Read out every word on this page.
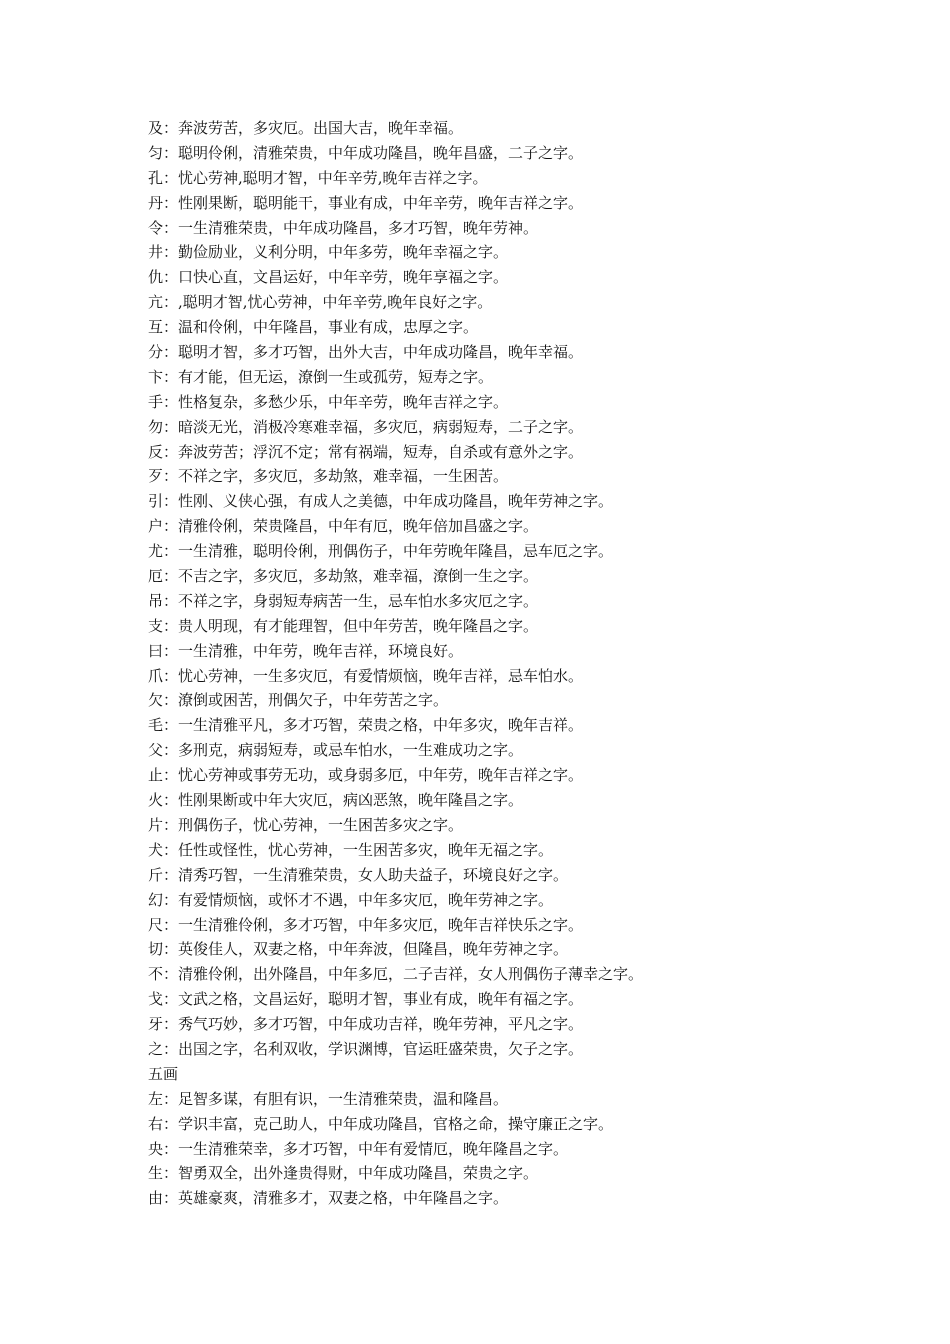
及：奔波劳苦，多灾厄。出国大吉，晚年幸福。
匀：聪明伶俐，清雅荣贵，中年成功隆昌，晚年昌盛，二子之字。
孔：忧心劳神,聪明才智，中年辛劳,晚年吉祥之字。
丹：性刚果断，聪明能干，事业有成，中年辛劳，晚年吉祥之字。
令：一生清雅荣贵，中年成功隆昌，多才巧智，晚年劳神。
井：勤俭励业，义利分明，中年多劳，晚年幸福之字。
仇：口快心直，文昌运好，中年辛劳，晚年享福之字。
亢：,聪明才智,忧心劳神，中年辛劳,晚年良好之字。
互：温和伶俐，中年隆昌，事业有成，忠厚之字。
分：聪明才智，多才巧智，出外大吉，中年成功隆昌，晚年幸福。
卞：有才能，但无运，潦倒一生或孤劳，短寿之字。
手：性格复杂，多愁少乐，中年辛劳，晚年吉祥之字。
勿：暗淡无光，消极冷寒难幸福，多灾厄，病弱短寿，二子之字。
反：奔波劳苦；浮沉不定；常有祸端，短寿，自杀或有意外之字。
歹：不祥之字，多灾厄，多劫煞，难幸福，一生困苦。
引：性刚、义侠心强，有成人之美德，中年成功隆昌，晚年劳神之字。
户：清雅伶俐，荣贵隆昌，中年有厄，晚年倍加昌盛之字。
尤：一生清雅，聪明伶俐，刑偶伤子，中年劳晚年隆昌，忌车厄之字。
厄：不吉之字，多灾厄，多劫煞，难幸福，潦倒一生之字。
吊：不祥之字，身弱短寿病苦一生，忌车怕水多灾厄之字。
支：贵人明现，有才能理智，但中年劳苦，晚年隆昌之字。
曰：一生清雅，中年劳，晚年吉祥，环境良好。
爪：忧心劳神，一生多灾厄，有爱情烦恼，晚年吉祥，忌车怕水。
欠：潦倒或困苦，刑偶欠子，中年劳苦之字。
毛：一生清雅平凡，多才巧智，荣贵之格，中年多灾，晚年吉祥。
父：多刑克，病弱短寿，或忌车怕水，一生难成功之字。
止：忧心劳神或事劳无功，或身弱多厄，中年劳，晚年吉祥之字。
火：性刚果断或中年大灾厄，病凶恶煞，晚年隆昌之字。
片：刑偶伤子，忧心劳神，一生困苦多灾之字。
犬：任性或怪性，忧心劳神，一生困苦多灾，晚年无福之字。
斤：清秀巧智，一生清雅荣贵，女人助夫益子，环境良好之字。
幻：有爱情烦恼，或怀才不遇，中年多灾厄，晚年劳神之字。
尺：一生清雅伶俐，多才巧智，中年多灾厄，晚年吉祥快乐之字。
切：英俊佳人，双妻之格，中年奔波，但隆昌，晚年劳神之字。
不：清雅伶俐，出外隆昌，中年多厄，二子吉祥，女人刑偶伤子薄幸之字。
戈：文武之格，文昌运好，聪明才智，事业有成，晚年有福之字。
牙：秀气巧妙，多才巧智，中年成功吉祥，晚年劳神，平凡之字。
之：出国之字，名利双收，学识渊博，官运旺盛荣贵，欠子之字。
五画
左：足智多谋，有胆有识，一生清雅荣贵，温和隆昌。
右：学识丰富，克己助人，中年成功隆昌，官格之命，操守廉正之字。
央：一生清雅荣幸，多才巧智，中年有爱情厄，晚年隆昌之字。
生：智勇双全，出外逢贵得财，中年成功隆昌，荣贵之字。
由：英雄豪爽，清雅多才，双妻之格，中年隆昌之字。
